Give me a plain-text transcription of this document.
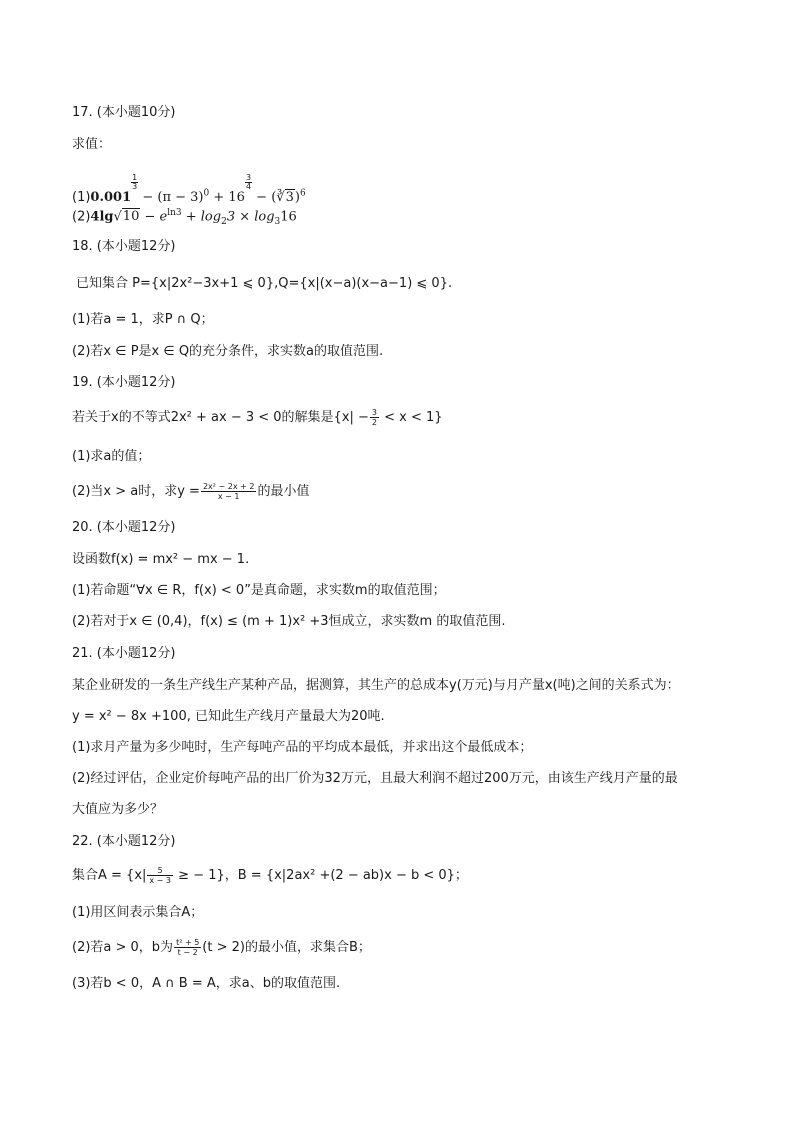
17. (本小题10分)
求值：
(1)0.001
$\frac{1}{3}$
− $(\pi - 3)^0 + 16$
$\frac{3}{4}$
− (∛3)$^6$
$(2)4\lg√10 - e^{ln3} + \log_23 \times \log_316$
18. (本小题12分)
已知集合 P={x|2x²−3x+1 ⩽ 0},Q={x|(x−a)(x−a−1) ⩽ 0}.
(1)若a = 1，求P ∩ Q；
(2)若x ∈ P是x ∈ Q的充分条件，求实数a的取值范围.
19. (本小题12分)
若关于x的不等式2x² + ax − 3 < 0的解集是$\{x| - \frac{3}{2} < x < 1\}$
(1)求a的值；
(2)当x > a时，求$y = \frac{\text{2x² − 2x + 2}}{x - 1}$ 的最小值
20. (本小题12分)
设函数f(x) = mx² − mx − 1.
(1)若命题“∀x ∈ R，f(x) < 0”是真命题，求实数m的取值范围；
(2)若对于x ∈ (0,4)，f(x) ≤ (m + 1)x² +3恒成立，求实数m 的取值范围.
21. (本小题12分)
某企业研发的一条生产线生产某种产品，据测算，其生产的总成本y(万元)与月产量x(吨)之间的关系式为：
y = x² − 8x +100, 已知此生产线月产量最大为20吨.
(1)求月产量为多少吨时，生产每吨产品的平均成本最低，并求出这个最低成本；
(2)经过评估，企业定价每吨产品的出厂价为32万元，且最大利润不超过200万元，由该生产线月产量的最
大值应为多少？
22. (本小题12分)
集合$A = \{x| \frac{5}{x - 3}$ ≥ − 1}，B = {x|2ax² +(2 − ab)x − b < 0}；
(1)用区间表示集合A；
(2)若a > 0，b为 $\frac{\text{t² + 5}}{t - 2} (t > 2)$的最小值，求集合B；
(3)若b < 0，A ∩ B = A，求a、b的取值范围.
